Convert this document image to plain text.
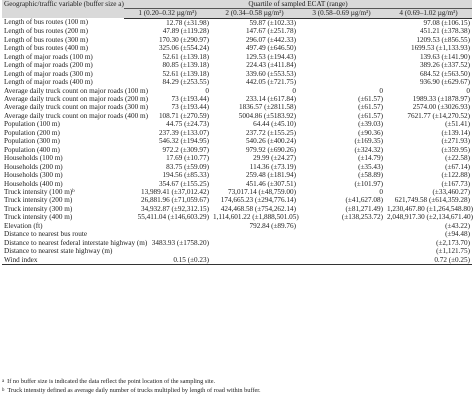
Geographic/traffic variable (buffer size a)	Quartile of sampled ECAT (range)			
	1 (0.20–0.32 µg/m³)	2 (0.34–0.58 µg/m³)	3 (0.58–0.69 µg/m³)	4 (0.69–1.02 µg/m³)
Length of bus routes (100 m)	12.78 (±31.98)	59.87 (±102.33)		97.08 (±106.15)
Length of bus routes (200 m)	47.89 (±119.28)	147.67 (±251.78)		451.21 (±378.38)
Length of bus routes (300 m)	170.30 (±290.97)	296.07 (±442.33)		1209.53 (±856.55)
Length of bus routes (400 m)	325.06 (±554.24)	497.49 (±646.50)		1699.53 (±1,133.93)
Length of major roads (100 m)	52.61 (±139.18)	129.53 (±194.43)		139.63 (±141.90)
Length of major roads (200 m)	80.85 (±139.18)	224.43 (±411.84)		389.26 (±337.52)
Length of major roads (300 m)	52.61 (±139.18)	339.60 (±553.53)		684.52 (±563.50)
Length of major roads (400 m)	84.29 (±253.55)	442.05 (±721.75)		936.90 (±629.67)
Average daily truck count on major roads (100 m)	0	0	0	0
Average daily truck count on major roads (200 m)	73 (±193.44)	233.14 (±617.84)	(±61.57)	1989.33 (±1878.97)
Average daily truck count on major roads (300 m)	73 (±193.44)	1836.57 (±2811.58)	(±61.57)	2574.00 (±3026.93)
Average daily truck count on major roads (400 m)	108.71 (±270.59)	5004.86 (±5183.92)	(±61.57)	7621.77 (±14,270.52)
Population (100 m)	44.75 (±24.73)	64.44 (±45.10)	(±39.03)	(±51.41)
Population (200 m)	237.39 (±133.07)	237.72 (±155.25)	(±90.36)	(±139.14)
Population (300 m)	546.32 (±194.95)	540.26 (±400.24)	(±169.35)	(±271.93)
Population (400 m)	972.2 (±309.97)	979.92 (±690.26)	(±324.32)	(±359.95)
Households (100 m)	17.69 (±10.77)	29.99 (±24.27)	(±14.79)	(±22.58)
Households (200 m)	83.75 (±59.09)	114.36 (±73.19)	(±35.43)	(±67.14)
Households (300 m)	194.56 (±85.33)	259.48 (±181.94)	(±58.89)	(±122.88)
Households (400 m)	354.67 (±155.25)	451.46 (±307.51)	(±101.97)	(±167.73)
Truck intensity (100 m)$^b$	13,989.41 (±37,012.42)	73,017.14 (±48,759.00)	0	(±33,460.27)
Truck intensity (200 m)	26,881.96 (±71,059.67)	174,665.23 (±294,776.14)	(±41,627.08)	621,749.58 (±614,359.28)
Truck intensity (300 m)	34,932.87 (±92,312.15)	424,468.58 (±754,262.14)	(±81,271.49)	1,230,467.80 (±1,264,548.80)
Truck intensity (400 m)	55,411.04 (±146,603.29)	1,114,601.22 (±1,888,501.05)	(±138,253.72)	2,048,917.30 (±2,134,671.40)
Elevation (ft)		792.84 (±89.76)		(±43.22)
Distance to nearest bus route				(±94.48)
Distance to nearest federal interstate highway (m)	3483.93 (±1758.20)			(±2,173.70)
Distance to nearest state highway (m)				(±1,121.75)
Wind index	0.15 (±0.23)			0.72 (±0.25)
$^a$ If no buffer size is indicated the data reflect the point location of the sampling site.
$^b$ Truck intensity defined as average daily number of trucks multiplied by length of road within buffer.
